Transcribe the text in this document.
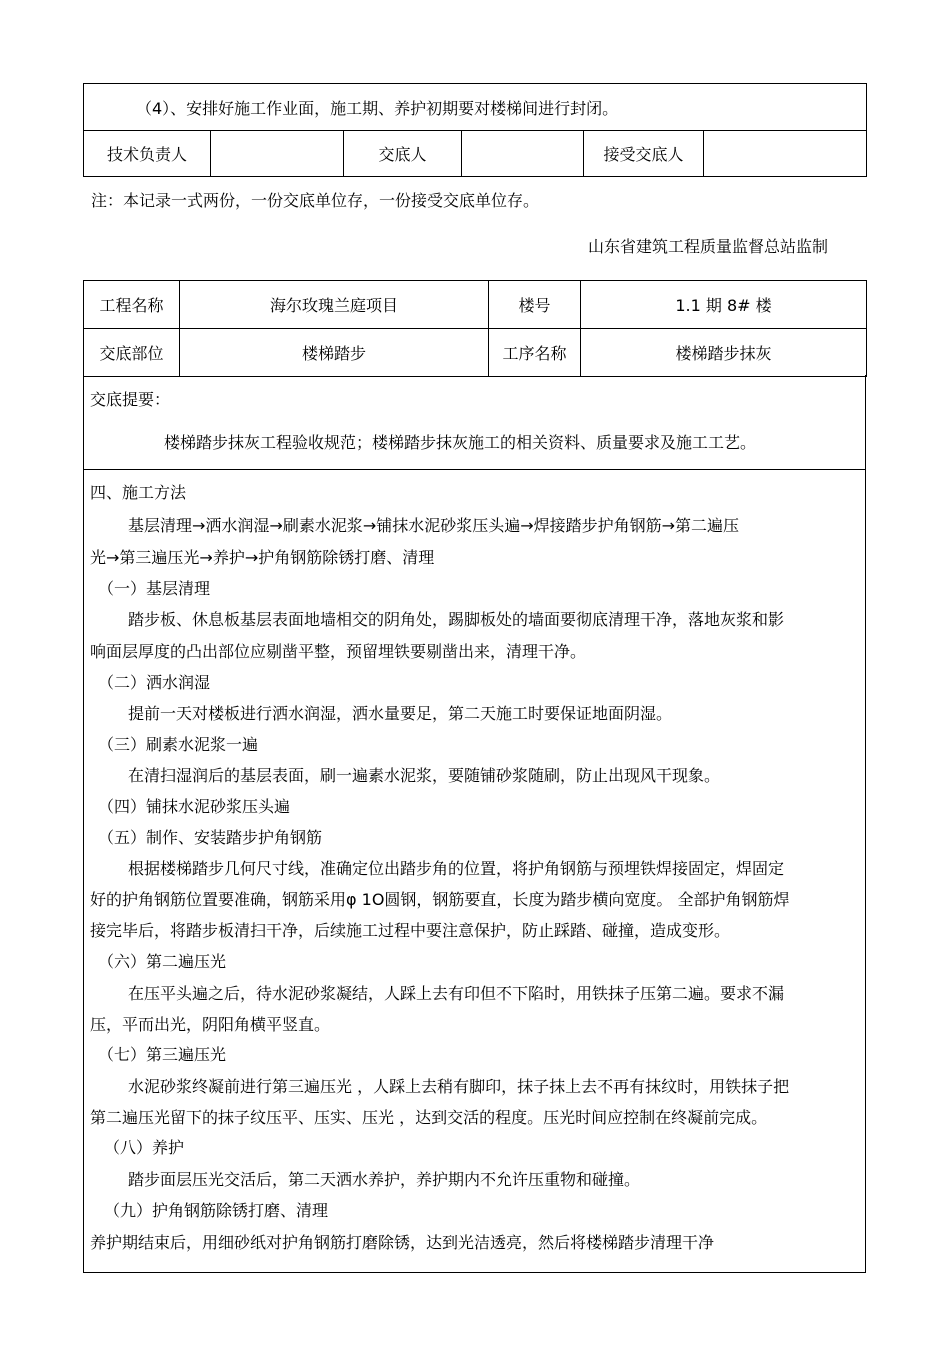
（4）、安排好施工作业面，施工期、养护初期要对楼梯间进行封闭。
技术负责人		交底人		接受交底人	
注：本记录一式两份，一份交底单位存，一份接受交底单位存。
山东省建筑工程质量监督总站监制
工程名称	海尔玫瑰兰庭项目	楼号	1.1 期 8# 楼
交底部位	楼梯踏步	工序名称	楼梯踏步抹灰
交底提要：
楼梯踏步抹灰工程验收规范；楼梯踏步抹灰施工的相关资料、质量要求及施工工艺。
四、施工方法
基层清理→洒水润湿→刷素水泥浆→铺抹水泥砂浆压头遍→焊接踏步护角钢筋→第二遍压
光→第三遍压光→养护→护角钢筋除锈打磨、清理
（一）基层清理
踏步板、休息板基层表面地墙相交的阴角处，踢脚板处的墙面要彻底清理干净，落地灰浆和影
响面层厚度的凸出部位应剔凿平整，预留埋铁要剔凿出来，清理干净。
（二）洒水润湿
提前一天对楼板进行洒水润湿，洒水量要足，第二天施工时要保证地面阴湿。
（三）刷素水泥浆一遍
在清扫湿润后的基层表面，刷一遍素水泥浆，要随铺砂浆随刷，防止出现风干现象。
（四）铺抹水泥砂浆压头遍
（五）制作、安装踏步护角钢筋
根据楼梯踏步几何尺寸线，准确定位出踏步角的位置，将护角钢筋与预埋铁焊接固定，焊固定
好的护角钢筋位置要准确，钢筋采用φ 1O圆钢，钢筋要直，长度为踏步横向宽度。 全部护角钢筋焊
接完毕后，将踏步板清扫干净，后续施工过程中要注意保护，防止踩踏、碰撞，造成变形。
（六）第二遍压光
在压平头遍之后，待水泥砂浆凝结，人踩上去有印但不下陷时，用铁抹子压第二遍。要求不漏
压，平而出光，阴阳角横平竖直。
（七）第三遍压光
水泥砂浆终凝前进行第三遍压光 ，人踩上去稍有脚印，抹子抹上去不再有抹纹时，用铁抹子把
第二遍压光留下的抹子纹压平、压实、压光 ，达到交活的程度。压光时间应控制在终凝前完成。
（八）养护
踏步面层压光交活后，第二天洒水养护，养护期内不允许压重物和碰撞。
（九）护角钢筋除锈打磨、清理
养护期结束后，用细砂纸对护角钢筋打磨除锈，达到光洁透亮，然后将楼梯踏步清理干净
